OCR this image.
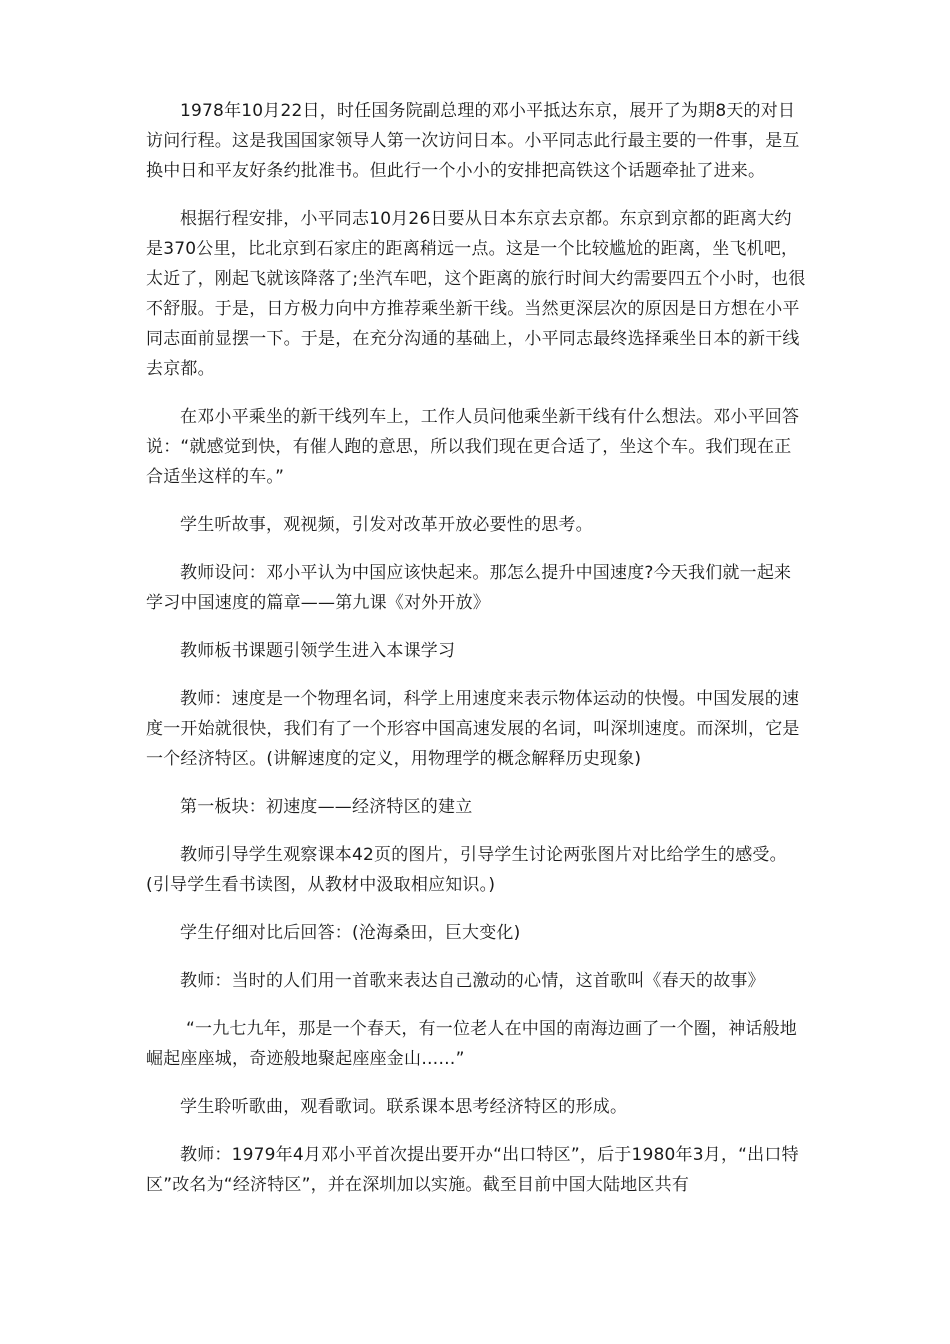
1978年10月22日，时任国务院副总理的邓小平抵达东京，展开了为期8天的对日访问行程。这是我国国家领导人第一次访问日本。小平同志此行最主要的一件事，是互换中日和平友好条约批准书。但此行一个小小的安排把高铁这个话题牵扯了进来。

根据行程安排，小平同志10月26日要从日本东京去京都。东京到京都的距离大约是370公里，比北京到石家庄的距离稍远一点。这是一个比较尴尬的距离，坐飞机吧，太近了，刚起飞就该降落了;坐汽车吧，这个距离的旅行时间大约需要四五个小时，也很不舒服。于是，日方极力向中方推荐乘坐新干线。当然更深层次的原因是日方想在小平同志面前显摆一下。于是，在充分沟通的基础上，小平同志最终选择乘坐日本的新干线去京都。

在邓小平乘坐的新干线列车上，工作人员问他乘坐新干线有什么想法。邓小平回答说：“就感觉到快，有催人跑的意思，所以我们现在更合适了，坐这个车。我们现在正合适坐这样的车。”

学生听故事，观视频，引发对改革开放必要性的思考。

教师设问：邓小平认为中国应该快起来。那怎么提升中国速度?今天我们就一起来学习中国速度的篇章——第九课《对外开放》

教师板书课题引领学生进入本课学习

教师：速度是一个物理名词，科学上用速度来表示物体运动的快慢。中国发展的速度一开始就很快，我们有了一个形容中国高速发展的名词，叫深圳速度。而深圳，它是一个经济特区。(讲解速度的定义，用物理学的概念解释历史现象)

第一板块：初速度——经济特区的建立

教师引导学生观察课本42页的图片，引导学生讨论两张图片对比给学生的感受。(引导学生看书读图，从教材中汲取相应知识。)

学生仔细对比后回答：(沧海桑田，巨大变化)

教师：当时的人们用一首歌来表达自己激动的心情，这首歌叫《春天的故事》

“一九七九年，那是一个春天，有一位老人在中国的南海边画了一个圈，神话般地崛起座座城，奇迹般地聚起座座金山……”

学生聆听歌曲，观看歌词。联系课本思考经济特区的形成。

教师：1979年4月邓小平首次提出要开办“出口特区”，后于1980年3月，“出口特区”改名为“经济特区”，并在深圳加以实施。截至目前中国大陆地区共有
